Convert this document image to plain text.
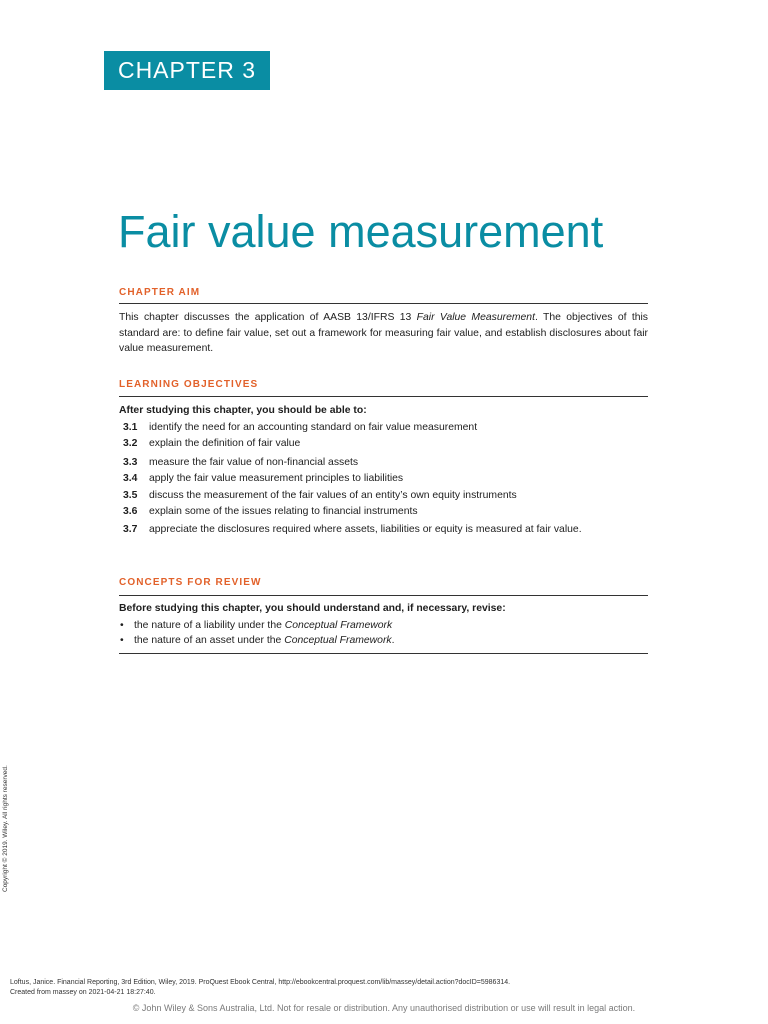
CHAPTER 3
Fair value measurement
CHAPTER AIM
This chapter discusses the application of AASB 13/IFRS 13 Fair Value Measurement. The objectives of this standard are: to define fair value, set out a framework for measuring fair value, and establish disclosures about fair value measurement.
LEARNING OBJECTIVES
After studying this chapter, you should be able to:
3.1 identify the need for an accounting standard on fair value measurement
3.2 explain the definition of fair value
3.3 measure the fair value of non-financial assets
3.4 apply the fair value measurement principles to liabilities
3.5 discuss the measurement of the fair values of an entity’s own equity instruments
3.6 explain some of the issues relating to financial instruments
3.7 appreciate the disclosures required where assets, liabilities or equity is measured at fair value.
CONCEPTS FOR REVIEW
Before studying this chapter, you should understand and, if necessary, revise:
• the nature of a liability under the Conceptual Framework
• the nature of an asset under the Conceptual Framework.
Copyright © 2019. Wiley. All rights reserved.
Loftus, Janice. Financial Reporting, 3rd Edition, Wiley, 2019. ProQuest Ebook Central, http://ebookcentral.proquest.com/lib/massey/detail.action?docID=5986314.
Created from massey on 2021-04-21 18:27:40.
© John Wiley & Sons Australia, Ltd. Not for resale or distribution. Any unauthorised distribution or use will result in legal action.
